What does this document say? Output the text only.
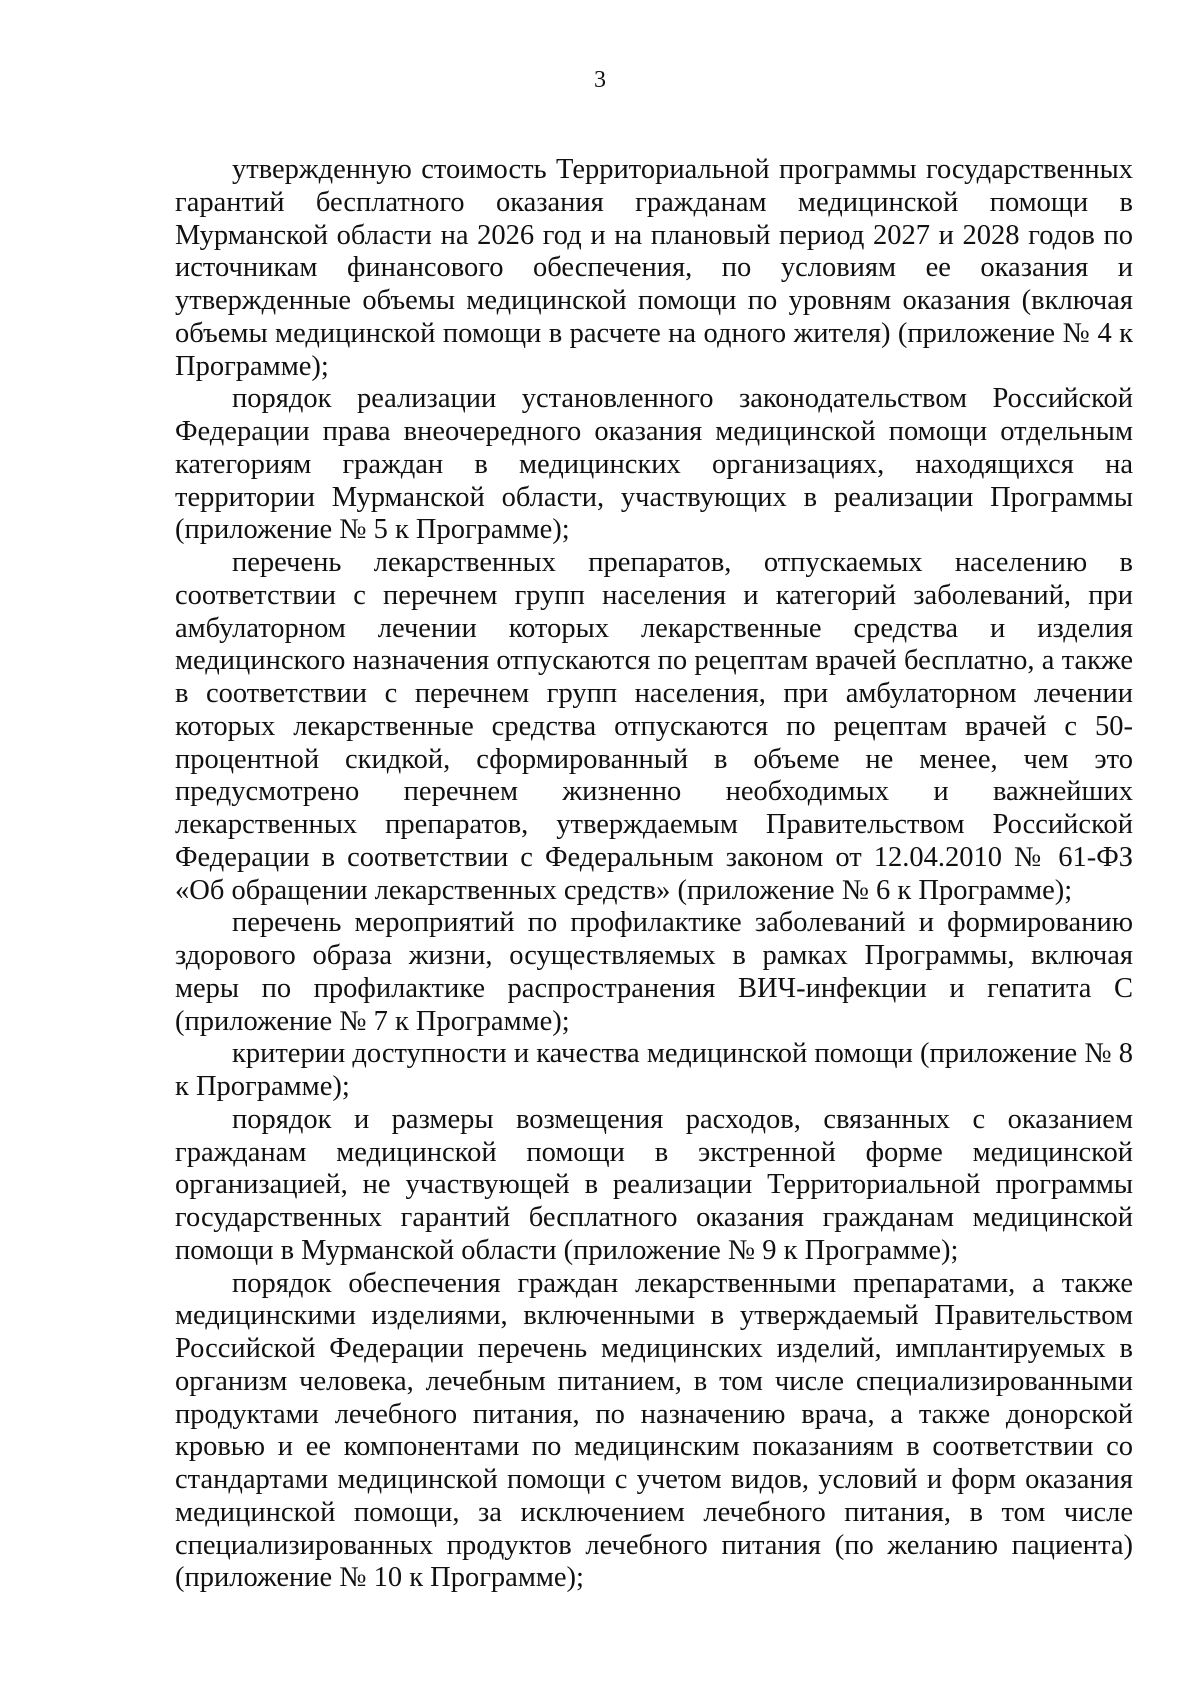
3

утвержденную стоимость Территориальной программы государственных гарантий бесплатного оказания гражданам медицинской помощи в Мурманской области на 2026 год и на плановый период 2027 и 2028 годов по источникам финансового обеспечения, по условиям ее оказания и утвержденные объемы медицинской помощи по уровням оказания (включая объемы медицинской помощи в расчете на одного жителя) (приложение № 4 к Программе);

порядок реализации установленного законодательством Российской Федерации права внеочередного оказания медицинской помощи отдельным категориям граждан в медицинских организациях, находящихся на территории Мурманской области, участвующих в реализации Программы (приложение № 5 к Программе);

перечень лекарственных препаратов, отпускаемых населению в соответствии с перечнем групп населения и категорий заболеваний, при амбулаторном лечении которых лекарственные средства и изделия медицинского назначения отпускаются по рецептам врачей бесплатно, а также в соответствии с перечнем групп населения, при амбулаторном лечении которых лекарственные средства отпускаются по рецептам врачей с 50-процентной скидкой, сформированный в объеме не менее, чем это предусмотрено перечнем жизненно необходимых и важнейших лекарственных препаратов, утверждаемым Правительством Российской Федерации в соответствии с Федеральным законом от 12.04.2010 № 61-ФЗ «Об обращении лекарственных средств» (приложение № 6 к Программе);

перечень мероприятий по профилактике заболеваний и формированию здорового образа жизни, осуществляемых в рамках Программы, включая меры по профилактике распространения ВИЧ-инфекции и гепатита С (приложение № 7 к Программе);

критерии доступности и качества медицинской помощи (приложение № 8 к Программе);

порядок и размеры возмещения расходов, связанных с оказанием гражданам медицинской помощи в экстренной форме медицинской организацией, не участвующей в реализации Территориальной программы государственных гарантий бесплатного оказания гражданам медицинской помощи в Мурманской области (приложение № 9 к Программе);

порядок обеспечения граждан лекарственными препаратами, а также медицинскими изделиями, включенными в утверждаемый Правительством Российской Федерации перечень медицинских изделий, имплантируемых в организм человека, лечебным питанием, в том числе специализированными продуктами лечебного питания, по назначению врача, а также донорской кровью и ее компонентами по медицинским показаниям в соответствии со стандартами медицинской помощи с учетом видов, условий и форм оказания медицинской помощи, за исключением лечебного питания, в том числе специализированных продуктов лечебного питания (по желанию пациента) (приложение № 10 к Программе);
